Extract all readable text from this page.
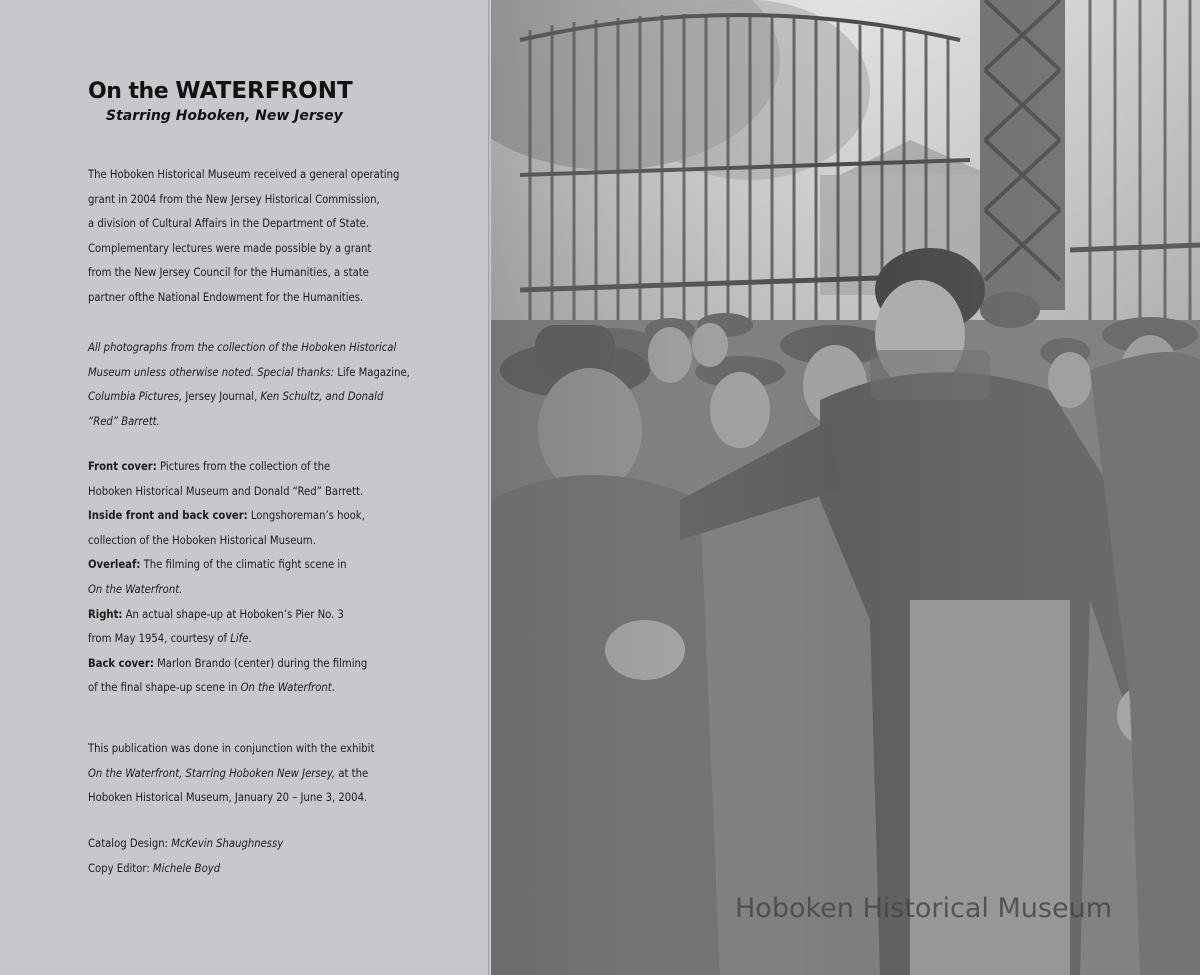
On the WATERFRONT
Starring Hoboken, New Jersey
The Hoboken Historical Museum received a general operating
grant in 2004 from the New Jersey Historical Commission,
a division of Cultural Affairs in the Department of State.
Complementary lectures were made possible by a grant
from the New Jersey Council for the Humanities, a state
partner ofthe National Endowment for the Humanities.
All photographs from the collection of the Hoboken Historical
Museum unless otherwise noted. Special thanks: Life Magazine,
Columbia Pictures, Jersey Journal, Ken Schultz, and Donald
“Red” Barrett.
Front cover: Pictures from the collection of the
Hoboken Historical Museum and Donald “Red” Barrett.
Inside front and back cover: Longshoreman’s hook,
collection of the Hoboken Historical Museum.
Overleaf: The filming of the climatic fight scene in
On the Waterfront.
Right: An actual shape-up at Hoboken’s Pier No. 3
from May 1954, courtesy of Life.
Back cover: Marlon Brando (center) during the filming
of the final shape-up scene in On the Waterfront.
This publication was done in conjunction with the exhibit
On the Waterfront, Starring Hoboken New Jersey, at the
Hoboken Historical Museum, January 20 – June 3, 2004.
Catalog Design: McKevin Shaughnessy
Copy Editor: Michele Boyd
Hoboken Historical Museum
